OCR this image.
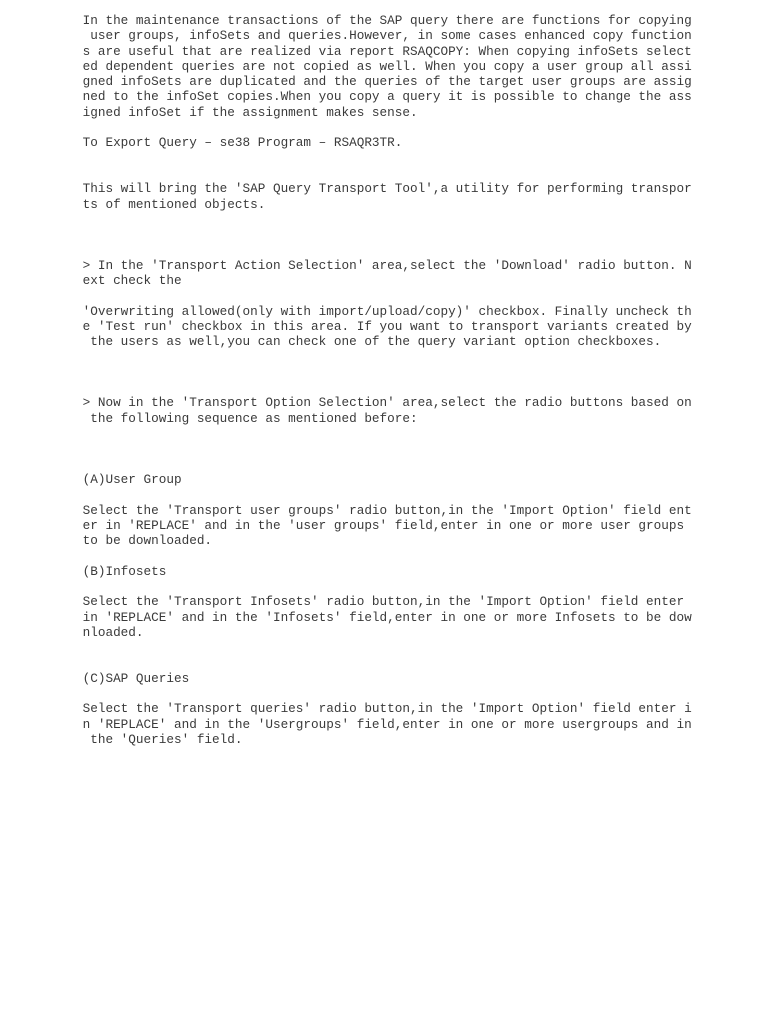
In the maintenance transactions of the SAP query there are functions for copying
user groups, infoSets and queries.However, in some cases enhanced copy function
s are useful that are realized via report RSAQCOPY: When copying infoSets select
ed dependent queries are not copied as well. When you copy a user group all assi
gned infoSets are duplicated and the queries of the target user groups are assig
ned to the infoSet copies.When you copy a query it is possible to change the ass
igned infoSet if the assignment makes sense.

To Export Query – se38 Program – RSAQR3TR.

This will bring the 'SAP Query Transport Tool',a utility for performing transpor
ts of mentioned objects.

> In the 'Transport Action Selection' area,select the 'Download' radio button. N
ext check the

'Overwriting allowed(only with import/upload/copy)' checkbox. Finally uncheck th
e 'Test run' checkbox in this area. If you want to transport variants created by
the users as well,you can check one of the query variant option checkboxes.

> Now in the 'Transport Option Selection' area,select the radio buttons based on
the following sequence as mentioned before:

(A)User Group

Select the 'Transport user groups' radio button,in the 'Import Option' field ent
er in 'REPLACE' and in the 'user groups' field,enter in one or more user groups
to be downloaded.

(B)Infosets

Select the 'Transport Infosets' radio button,in the 'Import Option' field enter
in 'REPLACE' and in the 'Infosets' field,enter in one or more Infosets to be dow
nloaded.

(C)SAP Queries

Select the 'Transport queries' radio button,in the 'Import Option' field enter i
n 'REPLACE' and in the 'Usergroups' field,enter in one or more usergroups and in
the 'Queries' field.
